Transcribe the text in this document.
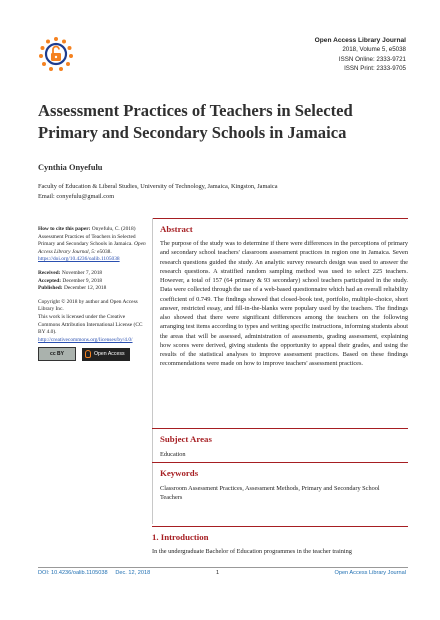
Open Access Library Journal
2018, Volume 5, e5038
ISSN Online: 2333-9721
ISSN Print: 2333-9705
Assessment Practices of Teachers in Selected Primary and Secondary Schools in Jamaica
Cynthia Onyefulu
Faculty of Education & Liberal Studies, University of Technology, Jamaica, Kingston, Jamaica
Email: conyefulu@gmail.com
How to cite this paper: Onyefulu, C. (2018) Assessment Practices of Teachers in Selected Primary and Secondary Schools in Jamaica. Open Access Library Journal, 5: e5038.
https://doi.org/10.4236/oalib.1105038
Received: November 7, 2018
Accepted: December 9, 2018
Published: December 12, 2018
Copyright © 2018 by author and Open Access Library Inc.
This work is licensed under the Creative Commons Attribution International License (CC BY 4.0).
http://creativecommons.org/licenses/by/4.0/
cc BY	Open Access
Abstract

The purpose of the study was to determine if there were differences in the perceptions of primary and secondary school teachers' classroom assessment practices in region one in Jamaica. Seven research questions guided the study. An analytic survey research design was used to answer the research questions. A stratified random sampling method was used to select 225 teachers. However, a total of 157 (64 primary & 93 secondary) school teachers participated in the study. Data were collected through the use of a web-based questionnaire which had an overall reliability coefficient of 0.749. The findings showed that closed-book test, portfolio, multiple-choice, short answer, restricted essay, and fill-in-the-blanks were populary used by the teachers. The findings also showed that there were significant differences among the teachers on the following arranging test items according to types and writing specific instructions, informing students about the areas that will be assessed, administration of assessments, grading assessment, explaining how scores were derived, giving students the opportunity to appeal their grades, and using the results of the statistical analyses to improve assessment practices. Based on these findings recommendations were made on how to improve teachers' assessment practices.

Subject Areas
Education
Keywords
Classroom Assessment Practices, Assessment Methods, Primary and Secondary School Teachers
1. Introduction
In the undergraduate Bachelor of Education programmes in the teacher training
DOI: 10.4236/oalib.1105038 Dec. 12, 2018	1	Open Access Library Journal
